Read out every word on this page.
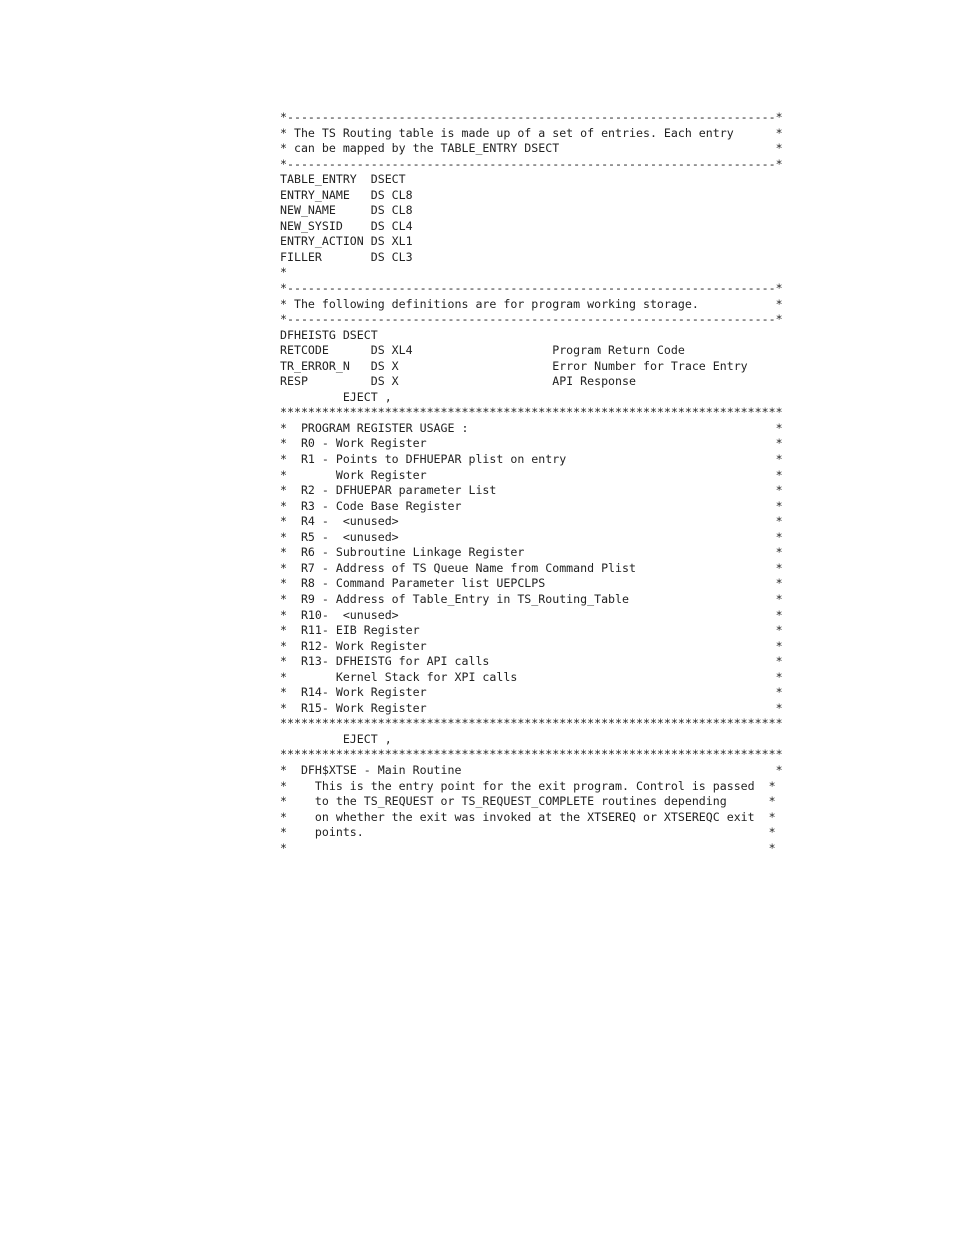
*----------------------------------------------------------------------*
* The TS Routing table is made up of a set of entries. Each entry      *
* can be mapped by the TABLE_ENTRY DSECT                               *
*----------------------------------------------------------------------*
TABLE_ENTRY  DSECT
ENTRY_NAME   DS CL8
NEW_NAME     DS CL8
NEW_SYSID    DS CL4
ENTRY_ACTION DS XL1
FILLER       DS CL3
*
*----------------------------------------------------------------------*
* The following definitions are for program working storage.           *
*----------------------------------------------------------------------*
DFHEISTG DSECT
RETCODE      DS XL4                    Program Return Code
TR_ERROR_N   DS X                      Error Number for Trace Entry
RESP         DS X                      API Response
EJECT ,
************************************************************************
*  PROGRAM REGISTER USAGE :                                            *
*  R0 - Work Register                                                  *
*  R1 - Points to DFHUEPAR plist on entry                              *
*       Work Register                                                  *
*  R2 - DFHUEPAR parameter List                                        *
*  R3 - Code Base Register                                             *
*  R4 -  <unused>                                                      *
*  R5 -  <unused>                                                      *
*  R6 - Subroutine Linkage Register                                    *
*  R7 - Address of TS Queue Name from Command Plist                    *
*  R8 - Command Parameter list UEPCLPS                                 *
*  R9 - Address of Table_Entry in TS_Routing_Table                     *
*  R10-  <unused>                                                      *
*  R11- EIB Register                                                   *
*  R12- Work Register                                                  *
*  R13- DFHEISTG for API calls                                         *
*       Kernel Stack for XPI calls                                     *
*  R14- Work Register                                                  *
*  R15- Work Register                                                  *
************************************************************************
EJECT ,
************************************************************************
*  DFH$XTSE - Main Routine                                             *
*    This is the entry point for the exit program. Control is passed  *
*    to the TS_REQUEST or TS_REQUEST_COMPLETE routines depending      *
*    on whether the exit was invoked at the XTSEREQ or XTSEREQC exit  *
*    points.                                                          *
*                                                                     *
